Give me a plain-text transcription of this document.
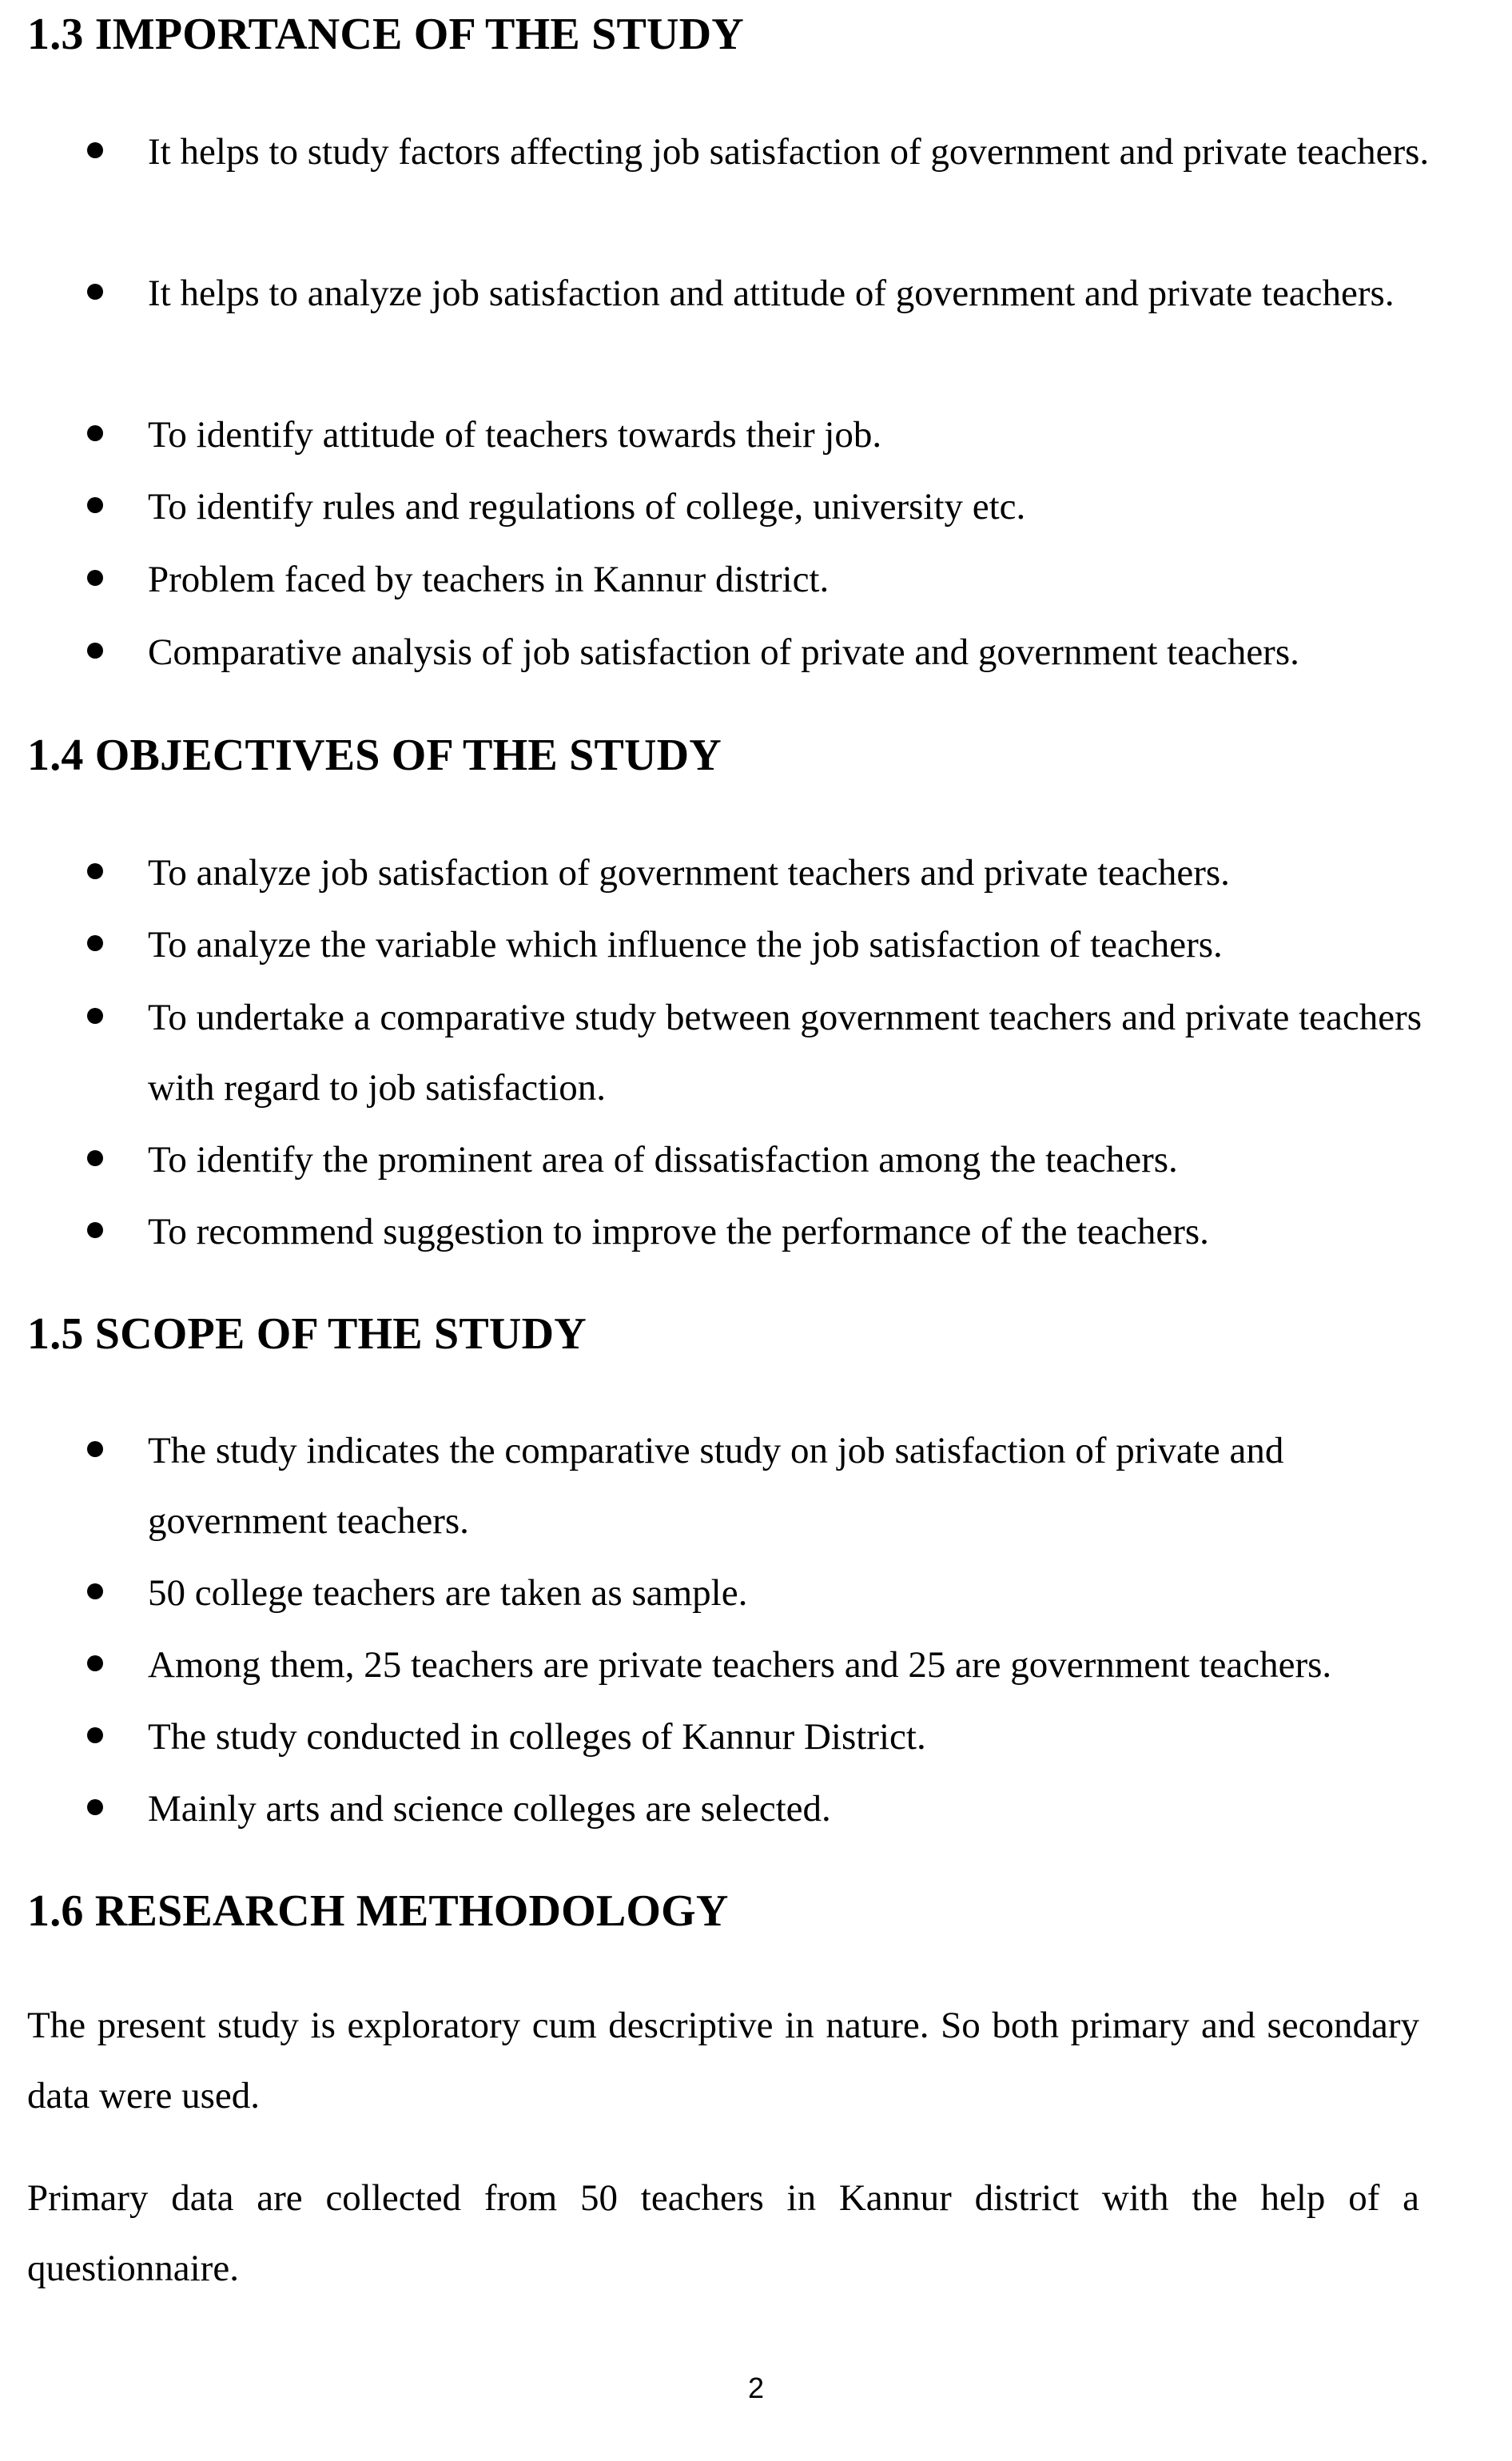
1.3 IMPORTANCE OF THE STUDY

It helps to study factors affecting job satisfaction of government and private teachers.

It helps to analyze job satisfaction and attitude of government and private teachers.

To identify attitude of teachers towards their job.

To identify rules and regulations of college, university etc.

Problem faced by teachers in Kannur district.

Comparative analysis of job satisfaction of private and government teachers.

1.4 OBJECTIVES OF THE STUDY

To analyze job satisfaction of government teachers and private teachers.

To analyze the variable which influence the job satisfaction of teachers.

To undertake a comparative study between government teachers and private teachers with regard to job satisfaction.

To identify the prominent area of dissatisfaction among the teachers.

To recommend suggestion to improve the performance of the teachers.

1.5 SCOPE OF THE STUDY

The study indicates the comparative study on job satisfaction of private and government teachers.

50 college teachers are taken as sample.

Among them, 25 teachers are private teachers and 25 are government teachers.

The study conducted in colleges of Kannur District.

Mainly arts and science colleges are selected.

1.6 RESEARCH METHODOLOGY

The present study is exploratory cum descriptive in nature. So both primary and secondary data were used.

Primary data are collected from 50 teachers in Kannur district with the help of a questionnaire.

2
